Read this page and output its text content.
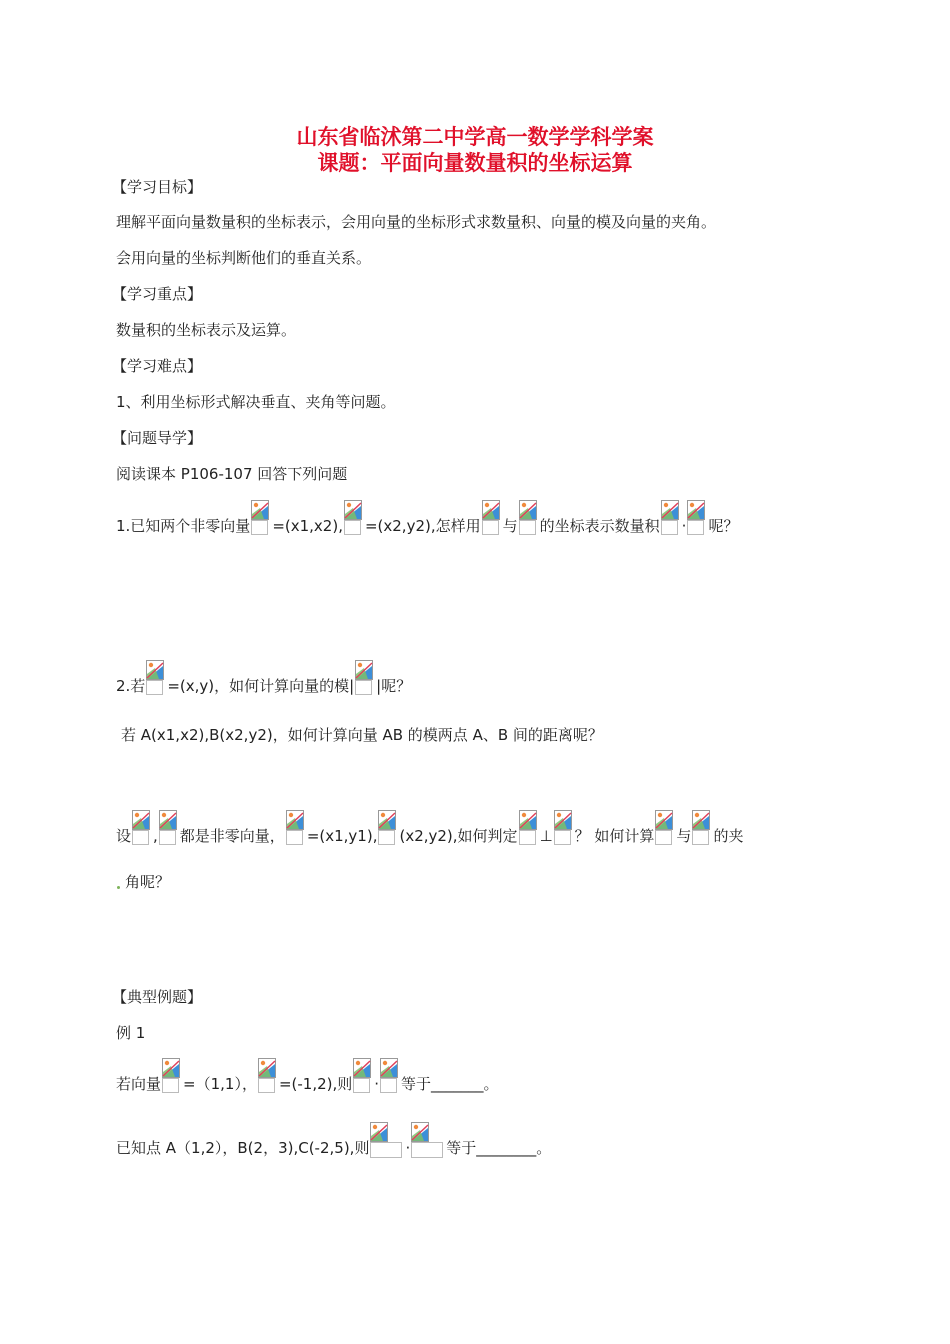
山东省临沭第二中学高一数学学科学案
课题：平面向量数量积的坐标运算
【学习目标】
理解平面向量数量积的坐标表示，会用向量的坐标形式求数量积、向量的模及向量的夹角。
会用向量的坐标判断他们的垂直关系。
【学习重点】
数量积的坐标表示及运算。
【学习难点】
1、利用坐标形式解决垂直、夹角等问题。
【问题导学】
阅读课本 P106-107 回答下列问题
1.已知两个非零向量 =(x1,x2), =(x2,y2),怎样用 与 的坐标表示数量积 · 呢？
2.若 =(x,y)，如何计算向量的模| |呢？
若 A(x1,x2),B(x2,y2)，如何计算向量 AB 的模两点 A、B 间的距离呢？
设 , 都是非零向量， =(x1,y1), (x2,y2),如何判定 ⊥ ？ 如何计算 与 的夹
角呢？
【典型例题】
例 1
若向量 =（1,1）， =(-1,2),则 · 等于_______。
已知点 A（1,2），B(2，3),C(-2,5),则 · 等于________。
